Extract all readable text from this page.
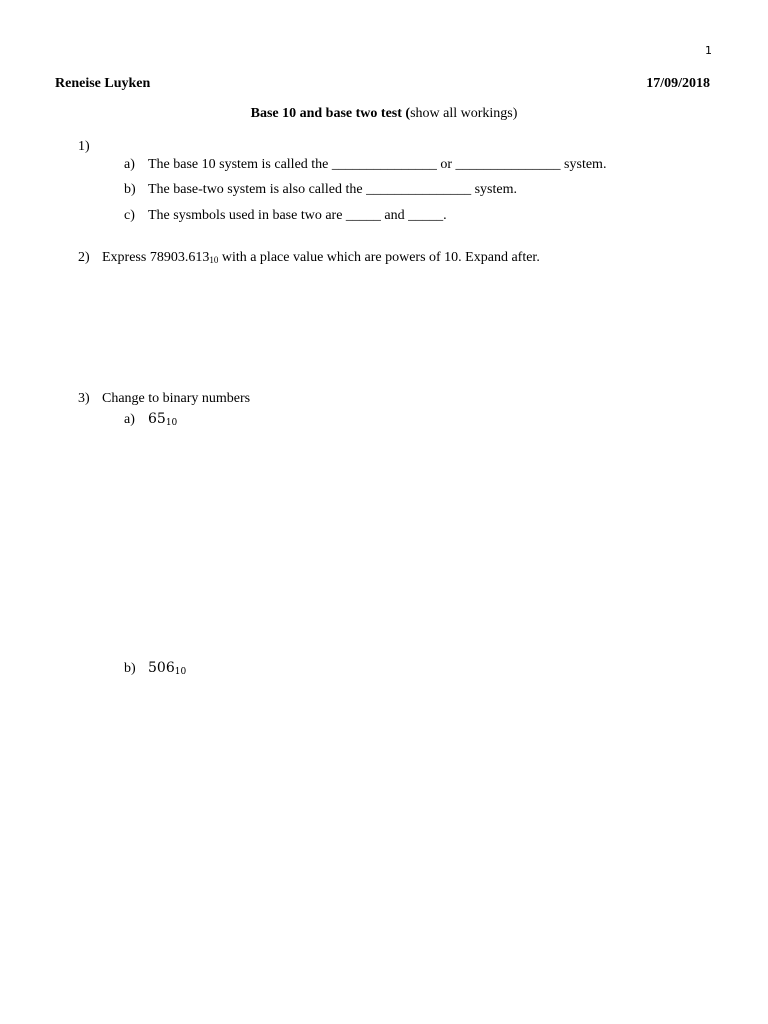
1
Reneise Luyken	17/09/2018
Base 10 and base two test (show all workings)
1)
a) The base 10 system is called the _______________ or _______________ system.
b) The base-two system is also called the _______________ system.
c) The sysmbols used in base two are _____ and _____.
2) Express $78903.613_{10}$ with a place value which are powers of 10. Expand after.
3) Change to binary numbers
a) $65_{10}$
b) $506_{10}$
